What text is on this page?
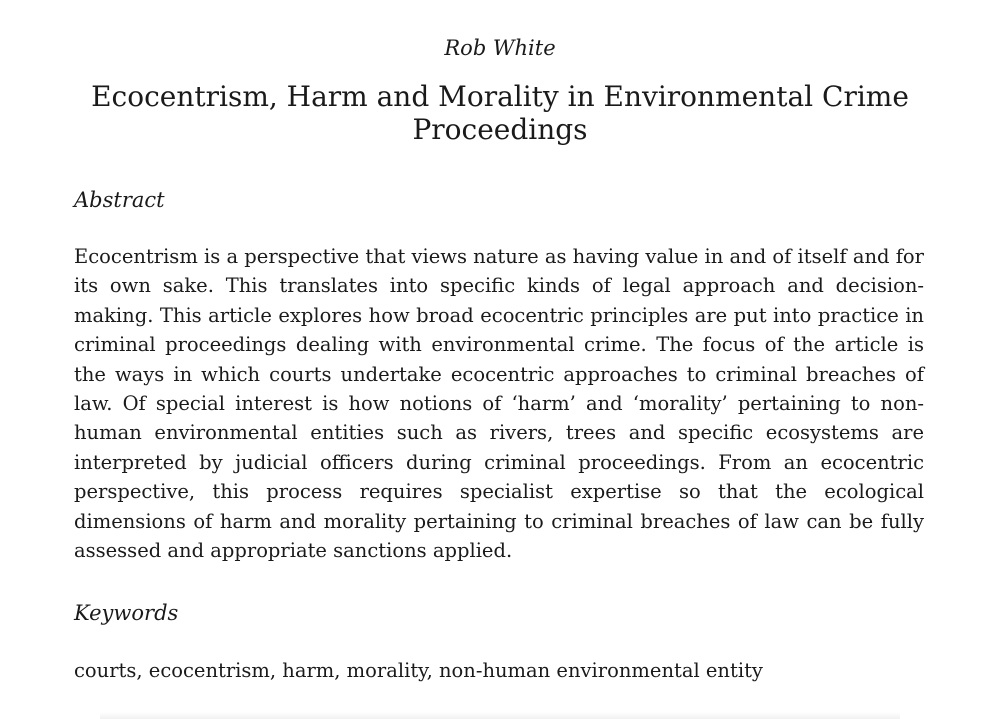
Rob White
Ecocentrism, Harm and Morality in Environmental Crime Proceedings
Abstract

Ecocentrism is a perspective that views nature as having value in and of itself and for its own sake. This translates into specific kinds of legal approach and decision-making. This article explores how broad ecocentric principles are put into practice in criminal proceedings dealing with environmental crime. The focus of the article is the ways in which courts undertake ecocentric approaches to criminal breaches of law. Of special interest is how notions of ‘harm’ and ‘morality’ pertaining to non-human environmental entities such as rivers, trees and specific ecosystems are interpreted by judicial officers during criminal proceedings. From an ecocentric perspective, this process requires specialist expertise so that the ecological dimensions of harm and morality pertaining to criminal breaches of law can be fully assessed and appropriate sanctions applied.

Keywords

courts, ecocentrism, harm, morality, non-human environmental entity
